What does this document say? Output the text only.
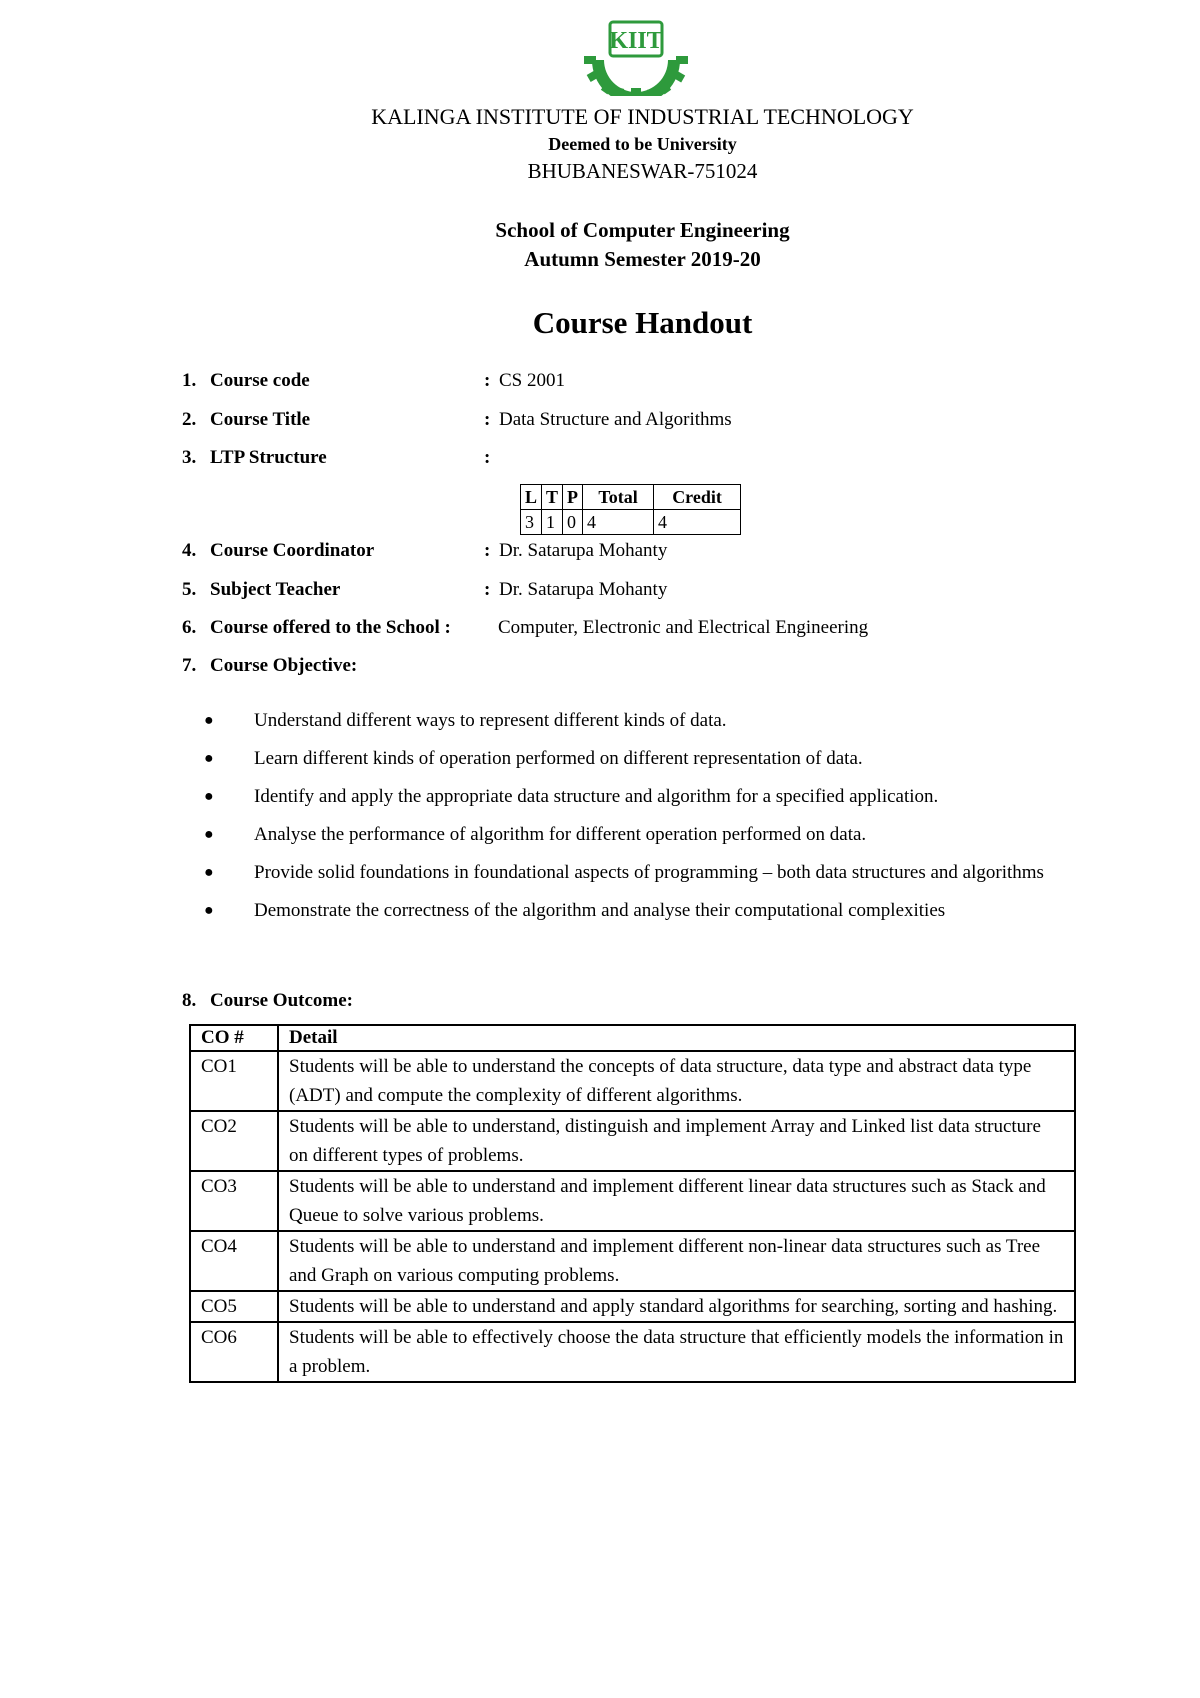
KIIT
KALINGA INSTITUTE OF INDUSTRIAL TECHNOLOGY
Deemed to be University
BHUBANESWAR-751024
School of Computer Engineering
Autumn Semester 2019-20
Course Handout
1. Course code	: CS 2001
2. Course Title	: Data Structure and Algorithms
3. LTP Structure	:
L	T	P	Total	Credit
3	1	0	4	4
4. Course Coordinator	: Dr. Satarupa Mohanty
5. Subject Teacher	: Dr. Satarupa Mohanty
6. Course offered to the School : Computer, Electronic and Electrical Engineering
7. Course Objective:
● Understand different ways to represent different kinds of data.
● Learn different kinds of operation performed on different representation of data.
● Identify and apply the appropriate data structure and algorithm for a specified application.
● Analyse the performance of algorithm for different operation performed on data.
● Provide solid foundations in foundational aspects of programming – both data structures and algorithms
● Demonstrate the correctness of the algorithm and analyse their computational complexities
8. Course Outcome:
CO #	Detail
CO1	Students will be able to understand the concepts of data structure, data type and abstract data type (ADT) and compute the complexity of different algorithms.
CO2	Students will be able to understand, distinguish and implement Array and Linked list data structure on different types of problems.
CO3	Students will be able to understand and implement different linear data structures such as Stack and Queue to solve various problems.
CO4	Students will be able to understand and implement different non-linear data structures such as Tree and Graph on various computing problems.
CO5	Students will be able to understand and apply standard algorithms for searching, sorting and hashing.
CO6	Students will be able to effectively choose the data structure that efficiently models the information in a problem.
